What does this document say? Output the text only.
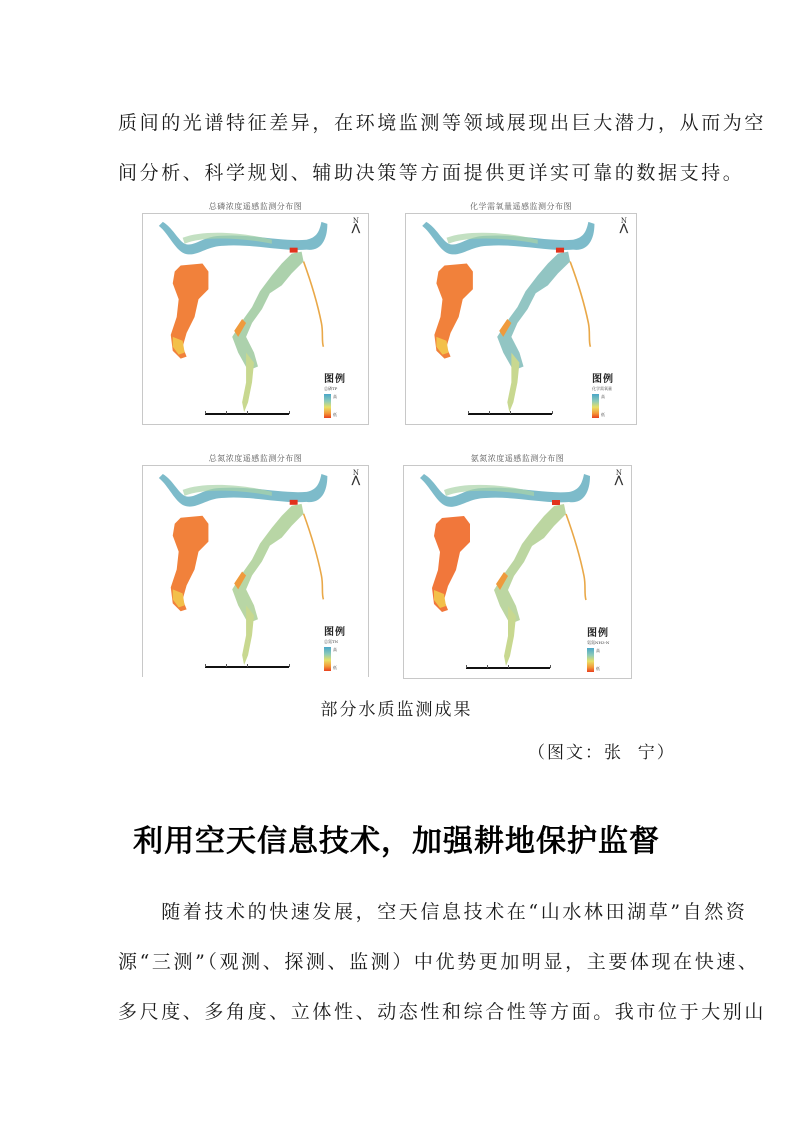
质间的光谱特征差异，在环境监测等领域展现出巨大潜力，从而为空

间分析、科学规划、辅助决策等方面提供更详实可靠的数据支持。

总磷浓度遥感监测分布图
N
⋀
图例
总磷TP
高
低
化学需氧量遥感监测分布图
N
⋀
图例
化学需氧量
高
低
总氮浓度遥感监测分布图
N
⋀
图例
总氮TN
高
低
氨氮浓度遥感监测分布图
N
⋀
图例
氨氮NH3-N
高
低
部分水质监测成果
（图文：张  宁）
利用空天信息技术，加强耕地保护监督

　　随着技术的快速发展，空天信息技术在“山水林田湖草”自然资

源“三测”（观测、探测、监测）中优势更加明显，主要体现在快速、

多尺度、多角度、立体性、动态性和综合性等方面。我市位于大别山
